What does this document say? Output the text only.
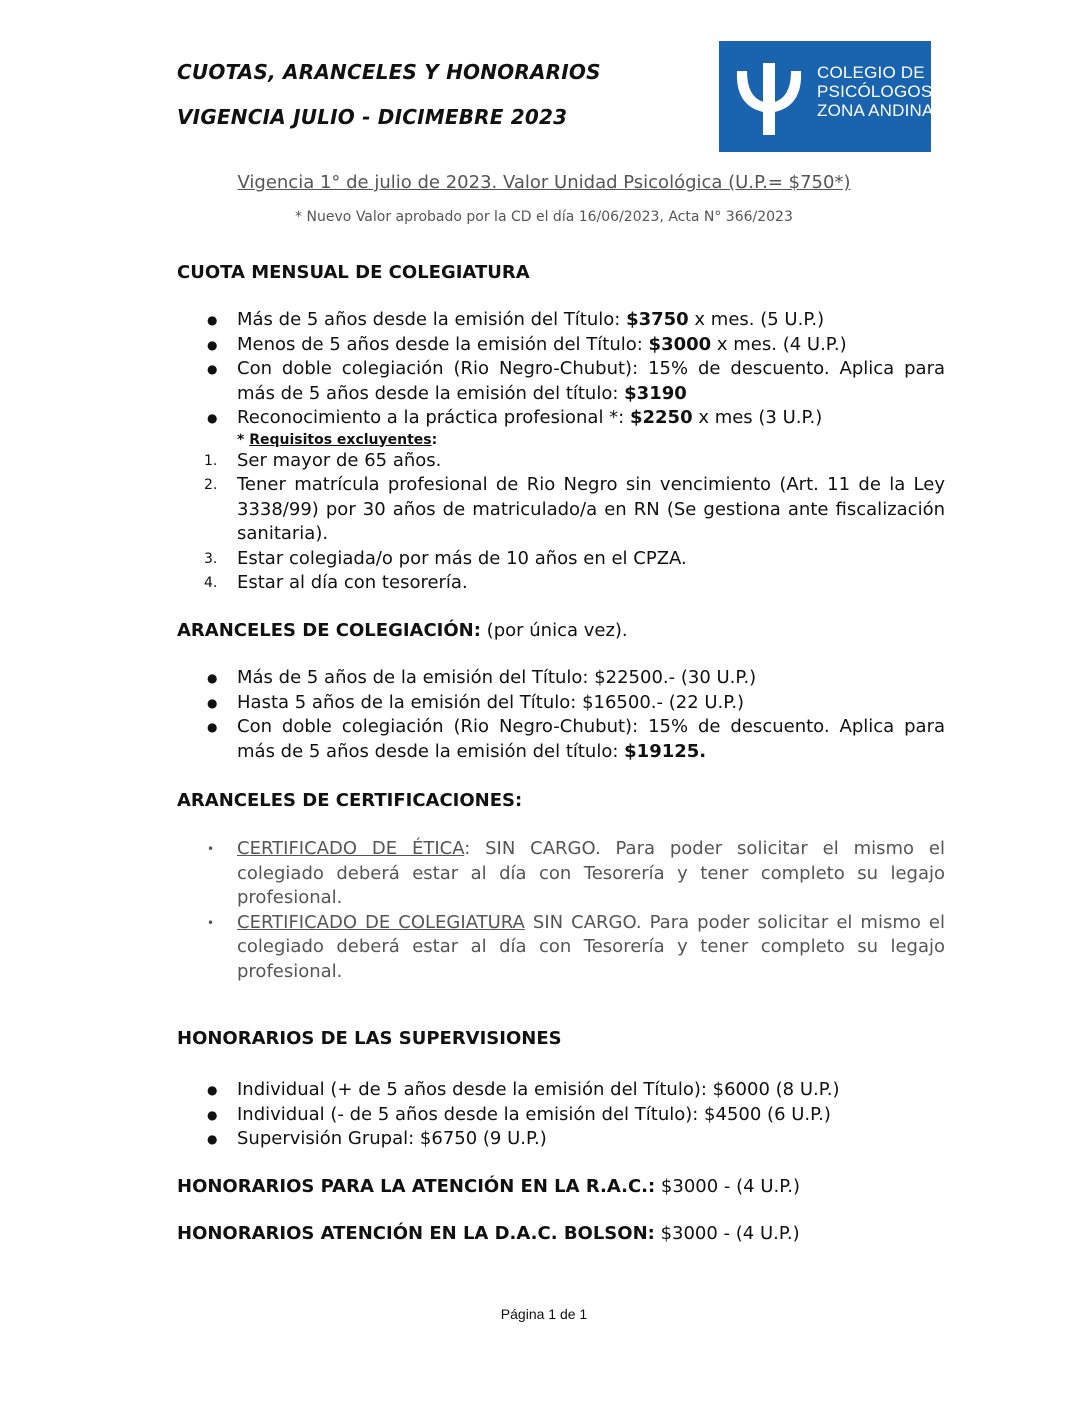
CUOTAS, ARANCELES Y HONORARIOS
VIGENCIA JULIO - DICIMEBRE 2023
COLEGIO DE
PSICÓLOGOS
ZONA ANDINA
Vigencia 1° de julio de 2023. Valor Unidad Psicológica (U.P.= $750*)
* Nuevo Valor aprobado por la CD el día 16/06/2023, Acta N° 366/2023
CUOTA MENSUAL DE COLEGIATURA
● Más de 5 años desde la emisión del Título: $3750 x mes. (5 U.P.)
● Menos de 5 años desde la emisión del Título: $3000 x mes. (4 U.P.)
● Con doble colegiación (Rio Negro-Chubut): 15% de descuento. Aplica para más de 5 años desde la emisión del título: $3190
● Reconocimiento a la práctica profesional *: $2250 x mes (3 U.P.)
* Requisitos excluyentes:
1. Ser mayor de 65 años.
2. Tener matrícula profesional de Rio Negro sin vencimiento (Art. 11 de la Ley 3338/99) por 30 años de matriculado/a en RN (Se gestiona ante fiscalización sanitaria).
3. Estar colegiada/o por más de 10 años en el CPZA.
4. Estar al día con tesorería.
ARANCELES DE COLEGIACIÓN: (por única vez).
● Más de 5 años de la emisión del Título: $22500.- (30 U.P.)
● Hasta 5 años de la emisión del Título: $16500.- (22 U.P.)
● Con doble colegiación (Rio Negro-Chubut): 15% de descuento. Aplica para más de 5 años desde la emisión del título: $19125.
ARANCELES DE CERTIFICACIONES:
• CERTIFICADO DE ÉTICA: SIN CARGO. Para poder solicitar el mismo el colegiado deberá estar al día con Tesorería y tener completo su legajo profesional.
• CERTIFICADO DE COLEGIATURA SIN CARGO. Para poder solicitar el mismo el colegiado deberá estar al día con Tesorería y tener completo su legajo profesional.
HONORARIOS DE LAS SUPERVISIONES
● Individual (+ de 5 años desde la emisión del Título): $6000 (8 U.P.)
● Individual (- de 5 años desde la emisión del Título): $4500 (6 U.P.)
● Supervisión Grupal: $6750 (9 U.P.)
HONORARIOS PARA LA ATENCIÓN EN LA R.A.C.: $3000 - (4 U.P.)
HONORARIOS ATENCIÓN EN LA D.A.C. BOLSON: $3000 - (4 U.P.)
Página 1 de 1
